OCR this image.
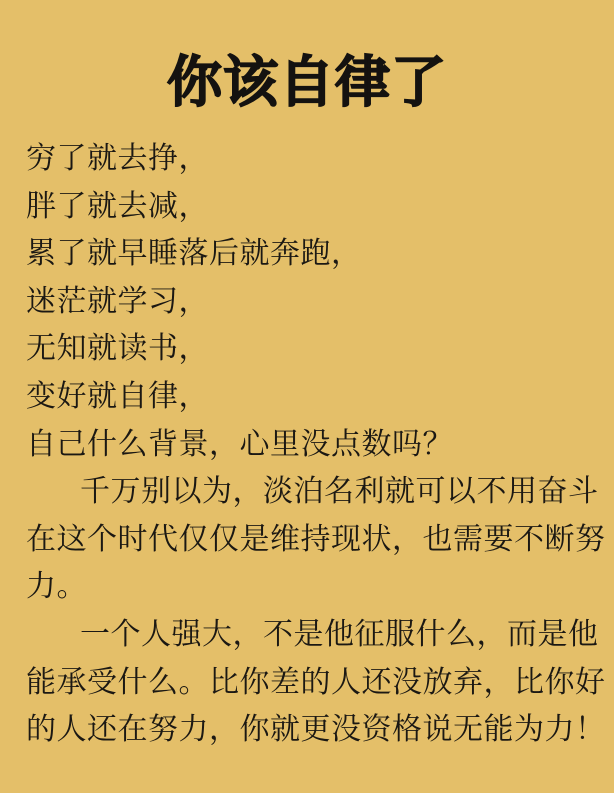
你该自律了
穷了就去挣，
胖了就去减，
累了就早睡落后就奔跑，
迷茫就学习，
无知就读书，
变好就自律，
自己什么背景，心里没点数吗？
千万别以为，淡泊名利就可以不用奋斗
在这个时代仅仅是维持现状，也需要不断努
力。
一个人强大，不是他征服什么，而是他
能承受什么。比你差的人还没放弃，比你好
的人还在努力，你就更没资格说无能为力！
